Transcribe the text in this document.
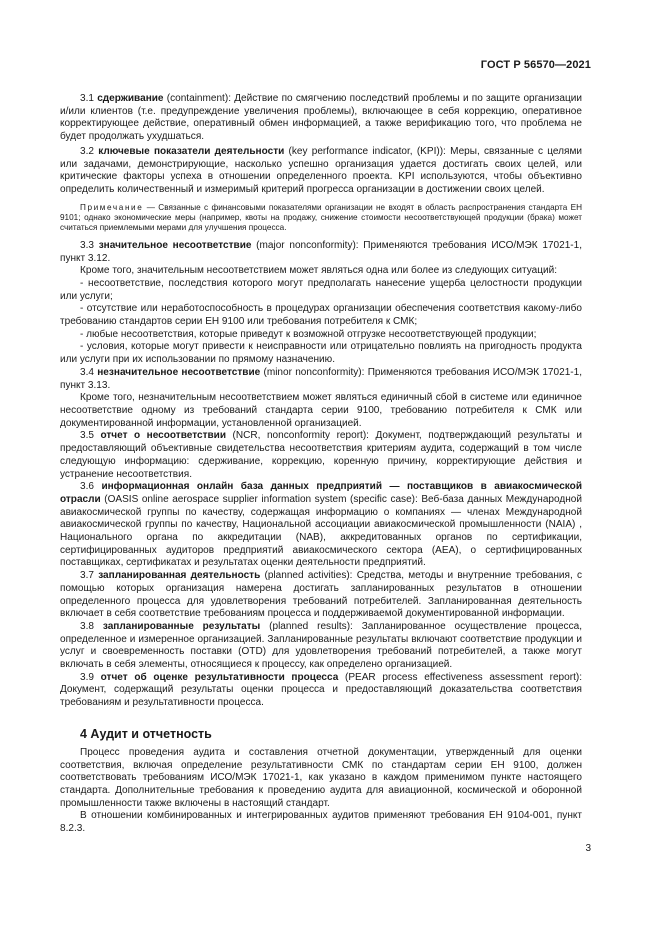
ГОСТ Р 56570—2021

3.1 сдерживание (containment): Действие по смягчению последствий проблемы и по защите организации и/или клиентов (т.е. предупреждение увеличения проблемы), включающее в себя коррекцию, оперативное корректирующее действие, оперативный обмен информацией, а также верификацию того, что проблема не будет продолжать ухудшаться.

3.2 ключевые показатели деятельности (key performance indicator, (KPI)): Меры, связанные с целями или задачами, демонстрирующие, насколько успешно организация удается достигать своих целей, или критические факторы успеха в отношении определенного проекта. KPI используются, чтобы объективно определить количественный и измеримый критерий прогресса организации в достижении своих целей.

Примечание — Связанные с финансовыми показателями организации не входят в область распространения стандарта ЕН 9101; однако экономические меры (например, квоты на продажу, снижение стоимости несоответствующей продукции (брака) может считаться приемлемыми мерами для улучшения процесса.

3.3 значительное несоответствие (major nonconformity): Применяются требования ИСО/МЭК 17021-1, пункт 3.12.

Кроме того, значительным несоответствием может являться одна или более из следующих ситуаций:

- несоответствие, последствия которого могут предполагать нанесение ущерба целостности продукции или услуги;

- отсутствие или неработоспособность в процедурах организации обеспечения соответствия какому-либо требованию стандартов серии ЕН 9100 или требования потребителя к СМК;

- любые несоответствия, которые приведут к возможной отгрузке несоответствующей продукции;

- условия, которые могут привести к неисправности или отрицательно повлиять на пригодность продукта или услуги при их использовании по прямому назначению.

3.4 незначительное несоответствие (minor nonconformity): Применяются требования ИСО/МЭК 17021-1, пункт 3.13.

Кроме того, незначительным несоответствием может являться единичный сбой в системе или единичное несоответствие одному из требований стандарта серии 9100, требованию потребителя к СМК или документированной информации, установленной организацией.

3.5 отчет о несоответствии (NCR, nonconformity report): Документ, подтверждающий результаты и предоставляющий объективные свидетельства несоответствия критериям аудита, содержащий в том числе следующую информацию: сдерживание, коррекцию, коренную причину, корректирующие действия и устранение несоответствия.

3.6 информационная онлайн база данных предприятий — поставщиков в авиакосмической отрасли (OASIS online aerospace supplier information system (specific case): Веб-база данных Международной авиакосмической группы по качеству, содержащая информацию о компаниях — членах Международной авиакосмической группы по качеству, Национальной ассоциации авиакосмической промышленности (NAIA) , Национального органа по аккредитации (NAB), аккредитованных органов по сертификации, сертифицированных аудиторов предприятий авиакосмического сектора (AEA), о сертифицированных поставщиках, сертификатах и результатах оценки деятельности предприятий.

3.7 запланированная деятельность (planned activities): Средства, методы и внутренние требования, с помощью которых организация намерена достигать запланированных результатов в отношении определенного процесса для удовлетворения требований потребителей. Запланированная деятельность включает в себя соответствие требованиям процесса и поддерживаемой документированной информации.

3.8 запланированные результаты (planned results): Запланированное осуществление процесса, определенное и измеренное организацией. Запланированные результаты включают соответствие продукции и услуг и своевременность поставки (OTD) для удовлетворения требований потребителей, а также могут включать в себя элементы, относящиеся к процессу, как определено организацией.

3.9 отчет об оценке результативности процесса (PEAR process effectiveness assessment report): Документ, содержащий результаты оценки процесса и предоставляющий доказательства соответствия требованиям и результативности процесса.

4 Аудит и отчетность

Процесс проведения аудита и составления отчетной документации, утвержденный для оценки соответствия, включая определение результативности СМК по стандартам серии ЕН 9100, должен соответствовать требованиям ИСО/МЭК 17021-1, как указано в каждом применимом пункте настоящего стандарта. Дополнительные требования к проведению аудита для авиационной, космической и оборонной промышленности также включены в настоящий стандарт.

В отношении комбинированных и интегрированных аудитов применяют требования ЕН 9104-001, пункт 8.2.3.

3
